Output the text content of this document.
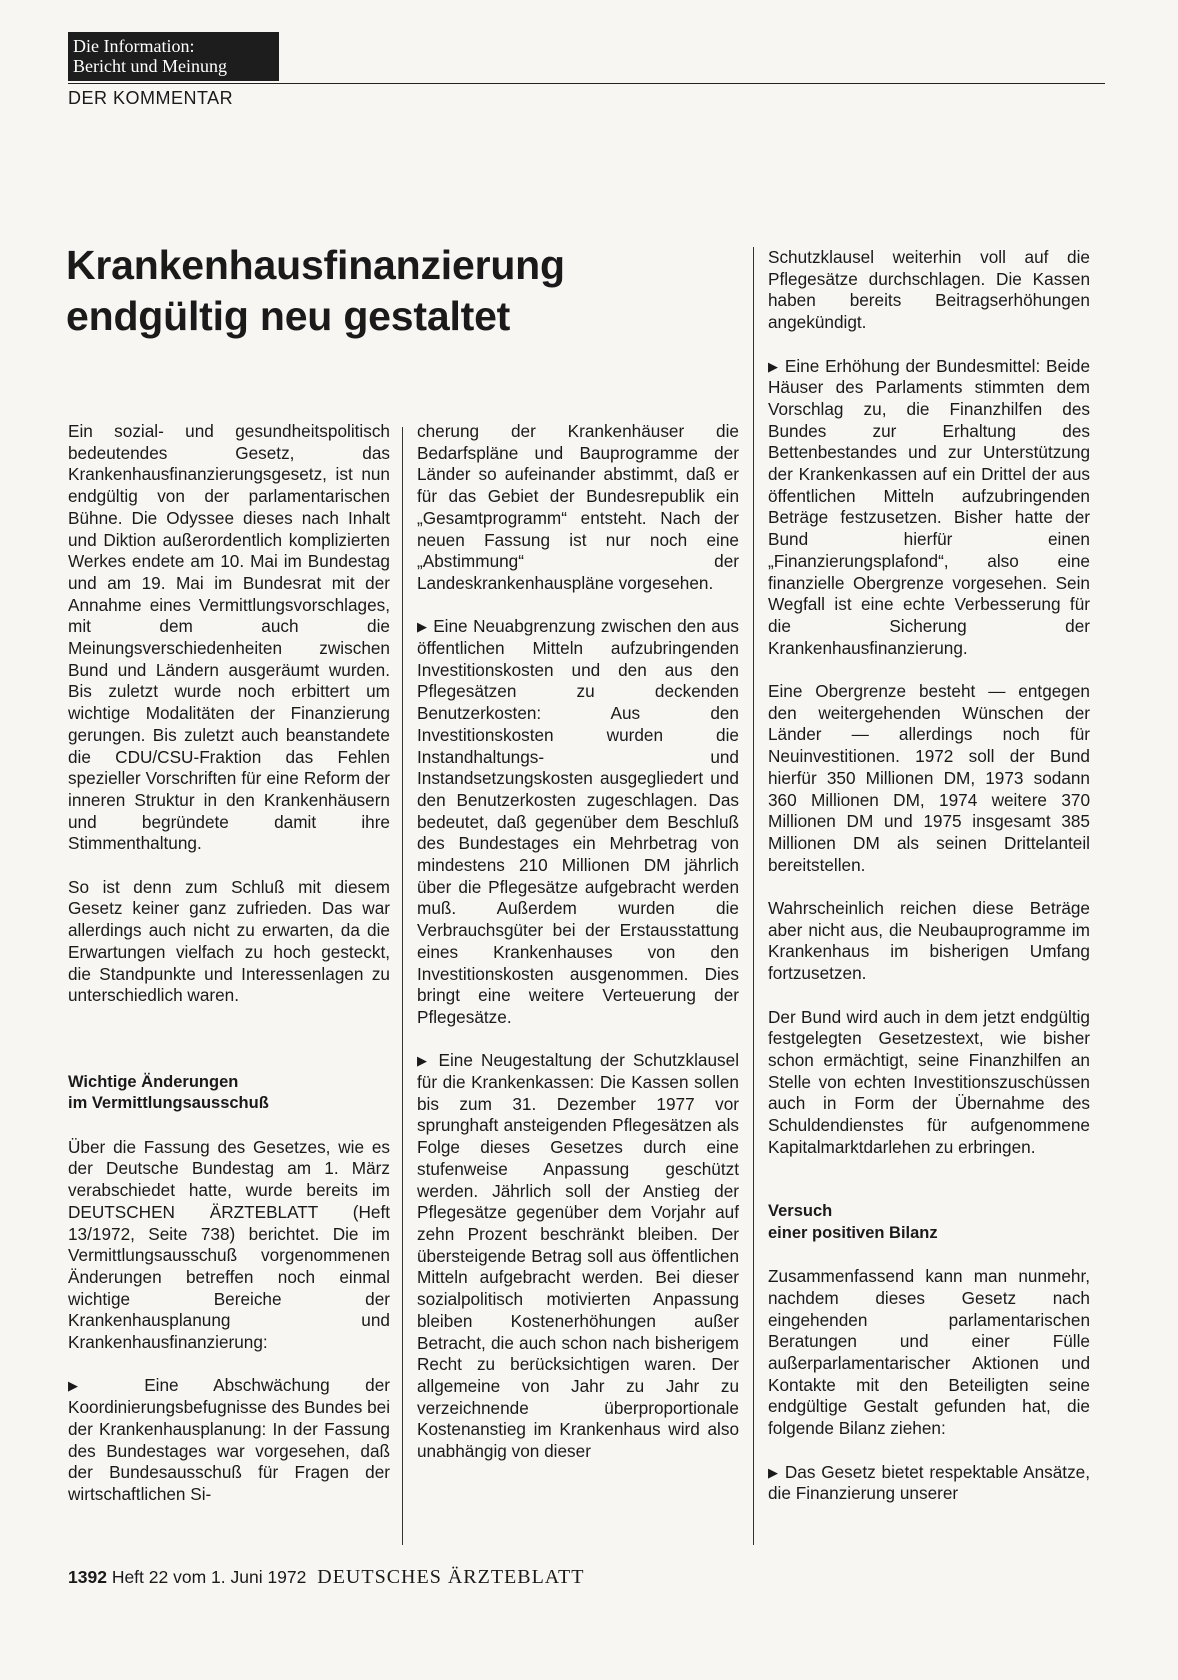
Die Information:
Bericht und Meinung
DER KOMMENTAR
Krankenhausfinanzierung
endgültig neu gestaltet

Ein sozial- und gesundheitspolitisch bedeutendes Gesetz, das Krankenhausfinanzierungsgesetz, ist nun endgültig von der parlamentarischen Bühne. Die Odyssee dieses nach Inhalt und Diktion außerordentlich komplizierten Werkes endete am 10. Mai im Bundestag und am 19. Mai im Bundesrat mit der Annahme eines Vermittlungsvorschlages, mit dem auch die Meinungsverschiedenheiten zwischen Bund und Ländern ausgeräumt wurden. Bis zuletzt wurde noch erbittert um wichtige Modalitäten der Finanzierung gerungen. Bis zuletzt auch beanstandete die CDU/CSU-Fraktion das Fehlen spezieller Vorschriften für eine Reform der inneren Struktur in den Krankenhäusern und begründete damit ihre Stimmenthaltung.

So ist denn zum Schluß mit diesem Gesetz keiner ganz zufrieden. Das war allerdings auch nicht zu erwarten, da die Erwartungen vielfach zu hoch gesteckt, die Standpunkte und Interessenlagen zu unterschiedlich waren.

Wichtige Änderungen
im Vermittlungsausschuß

Über die Fassung des Gesetzes, wie es der Deutsche Bundestag am 1. März verabschiedet hatte, wurde bereits im DEUTSCHEN ÄRZTEBLATT (Heft 13/1972, Seite 738) berichtet. Die im Vermittlungsausschuß vorgenommenen Änderungen betreffen noch einmal wichtige Bereiche der Krankenhausplanung und Krankenhausfinanzierung:

▶ Eine Abschwächung der Koordinierungsbefugnisse des Bundes bei der Krankenhausplanung: In der Fassung des Bundestages war vorgesehen, daß der Bundesausschuß für Fragen der wirtschaftlichen Si-

cherung der Krankenhäuser die Bedarfspläne und Bauprogramme der Länder so aufeinander abstimmt, daß er für das Gebiet der Bundesrepublik ein „Gesamtprogramm“ entsteht. Nach der neuen Fassung ist nur noch eine „Abstimmung“ der Landeskrankenhauspläne vorgesehen.

▶ Eine Neuabgrenzung zwischen den aus öffentlichen Mitteln aufzubringenden Investitionskosten und den aus den Pflegesätzen zu deckenden Benutzerkosten: Aus den Investitionskosten wurden die Instandhaltungs- und Instandsetzungskosten ausgegliedert und den Benutzerkosten zugeschlagen. Das bedeutet, daß gegenüber dem Beschluß des Bundestages ein Mehrbetrag von mindestens 210 Millionen DM jährlich über die Pflegesätze aufgebracht werden muß. Außerdem wurden die Verbrauchsgüter bei der Erstausstattung eines Krankenhauses von den Investitionskosten ausgenommen. Dies bringt eine weitere Verteuerung der Pflegesätze.

▶ Eine Neugestaltung der Schutzklausel für die Krankenkassen: Die Kassen sollen bis zum 31. Dezember 1977 vor sprunghaft ansteigenden Pflegesätzen als Folge dieses Gesetzes durch eine stufenweise Anpassung geschützt werden. Jährlich soll der Anstieg der Pflegesätze gegenüber dem Vorjahr auf zehn Prozent beschränkt bleiben. Der übersteigende Betrag soll aus öffentlichen Mitteln aufgebracht werden. Bei dieser sozialpolitisch motivierten Anpassung bleiben Kostenerhöhungen außer Betracht, die auch schon nach bisherigem Recht zu berücksichtigen waren. Der allgemeine von Jahr zu Jahr zu verzeichnende überproportionale Kostenanstieg im Krankenhaus wird also unabhängig von dieser

Schutzklausel weiterhin voll auf die Pflegesätze durchschlagen. Die Kassen haben bereits Beitragserhöhungen angekündigt.

▶ Eine Erhöhung der Bundesmittel: Beide Häuser des Parlaments stimmten dem Vorschlag zu, die Finanzhilfen des Bundes zur Erhaltung des Bettenbestandes und zur Unterstützung der Krankenkassen auf ein Drittel der aus öffentlichen Mitteln aufzubringenden Beträge festzusetzen. Bisher hatte der Bund hierfür einen „Finanzierungsplafond“, also eine finanzielle Obergrenze vorgesehen. Sein Wegfall ist eine echte Verbesserung für die Sicherung der Krankenhausfinanzierung.

Eine Obergrenze besteht — entgegen den weitergehenden Wünschen der Länder — allerdings noch für Neuinvestitionen. 1972 soll der Bund hierfür 350 Millionen DM, 1973 sodann 360 Millionen DM, 1974 weitere 370 Millionen DM und 1975 insgesamt 385 Millionen DM als seinen Drittelanteil bereitstellen.

Wahrscheinlich reichen diese Beträge aber nicht aus, die Neubauprogramme im Krankenhaus im bisherigen Umfang fortzusetzen.

Der Bund wird auch in dem jetzt endgültig festgelegten Gesetzestext, wie bisher schon ermächtigt, seine Finanzhilfen an Stelle von echten Investitionszuschüssen auch in Form der Übernahme des Schuldendienstes für aufgenommene Kapitalmarktdarlehen zu erbringen.

Versuch
einer positiven Bilanz

Zusammenfassend kann man nunmehr, nachdem dieses Gesetz nach eingehenden parlamentarischen Beratungen und einer Fülle außerparlamentarischer Aktionen und Kontakte mit den Beteiligten seine endgültige Gestalt gefunden hat, die folgende Bilanz ziehen:

▶ Das Gesetz bietet respektable Ansätze, die Finanzierung unserer

1392 Heft 22 vom 1. Juni 1972 DEUTSCHES ÄRZTEBLATT
